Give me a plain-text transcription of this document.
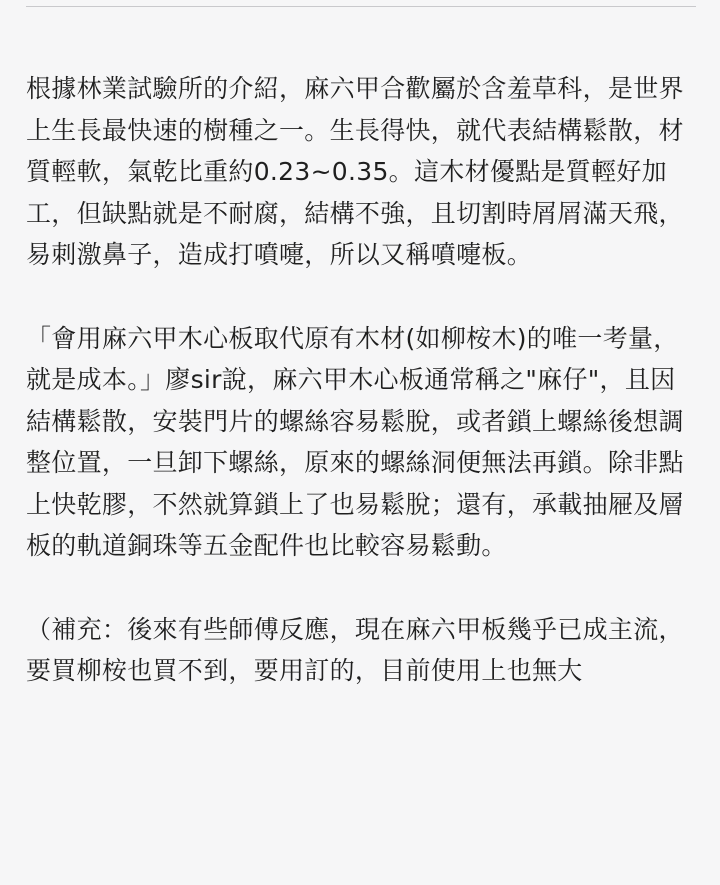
根據林業試驗所的介紹，麻六甲合歡屬於含羞草科，是世界上生長最快速的樹種之一。生長得快，就代表結構鬆散，材質輕軟，氣乾比重約0.23~0.35。這木材優點是質輕好加工，但缺點就是不耐腐，結構不強，且切割時屑屑滿天飛，易刺激鼻子，造成打噴嚏，所以又稱噴嚏板。

「會用麻六甲木心板取代原有木材(如柳桉木)的唯一考量，就是成本。」廖sir說，麻六甲木心板通常稱之"麻仔"，且因結構鬆散，安裝門片的螺絲容易鬆脫，或者鎖上螺絲後想調整位置，一旦卸下螺絲，原來的螺絲洞便無法再鎖。除非點上快乾膠，不然就算鎖上了也易鬆脫；還有，承載抽屜及層板的軌道銅珠等五金配件也比較容易鬆動。

（補充：後來有些師傅反應，現在麻六甲板幾乎已成主流，要買柳桉也買不到，要用訂的，目前使用上也無大
